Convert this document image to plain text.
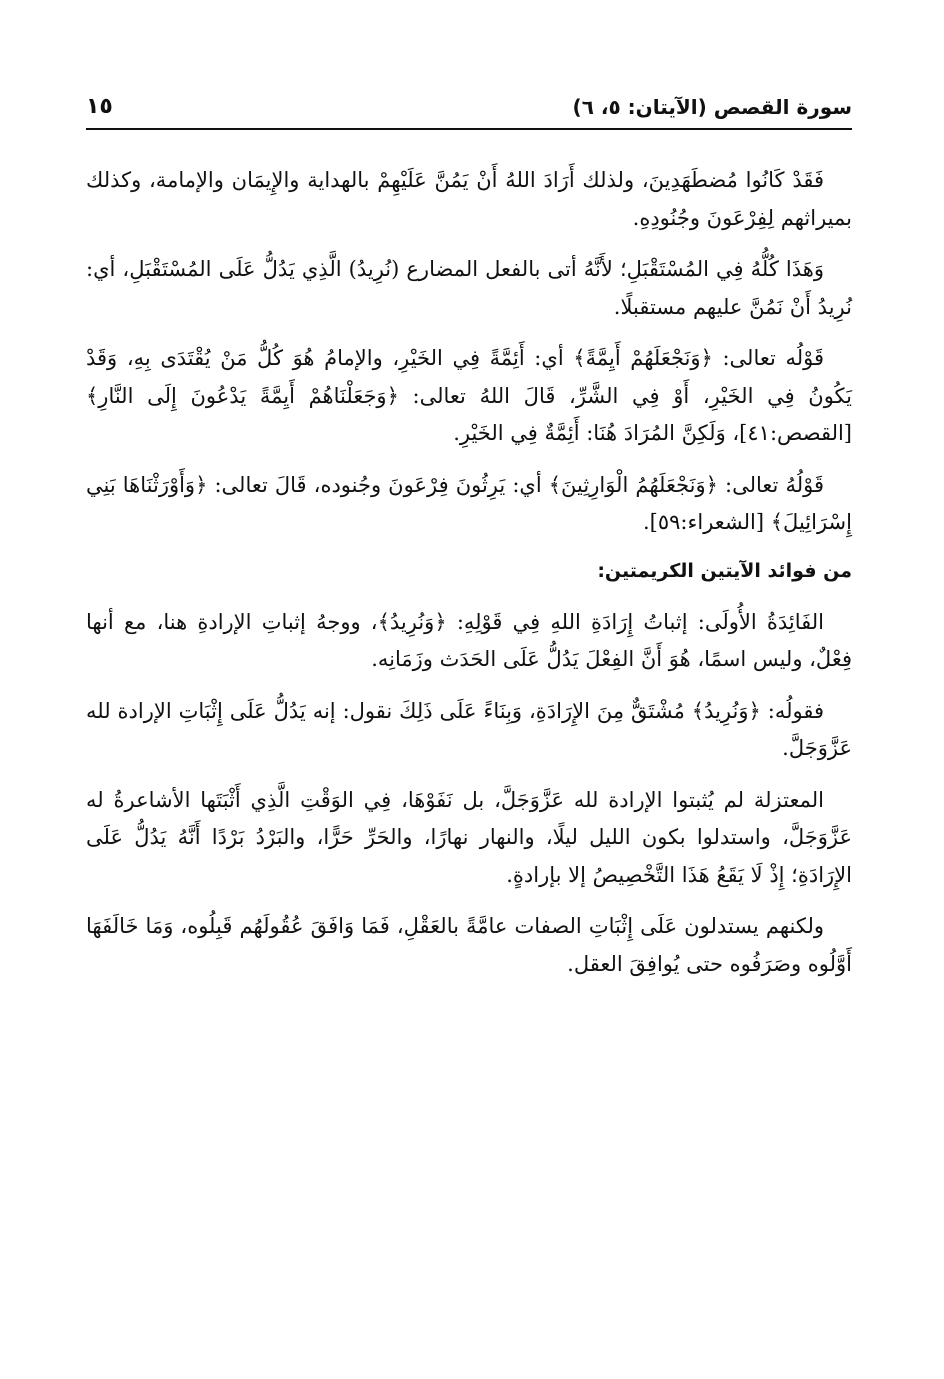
سورة القصص (الآيتان: ٥، ٦)
١٥

فَقَدْ كَانُوا مُضطَهَدِينَ، ولذلك أَرَادَ اللهُ أَنْ يَمُنَّ عَلَيْهِمْ بالهداية والإِيمَان والإمامة، وكذلك بميراثهم لِفِرْعَونَ وجُنُودِهِ.

وَهَذَا كُلُّهُ فِي المُسْتَقْبَلِ؛ لأَنَّهُ أتى بالفعل المضارع (نُرِيدُ) الَّذِي يَدُلُّ عَلَى المُسْتَقْبَلِ، أي: نُرِيدُ أَنْ نَمُنَّ عليهم مستقبلًا.

قَوْلُه تعالى: ﴿وَنَجْعَلَهُمْ أَيِمَّةً﴾ أي: أَئِمَّةً فِي الخَيْرِ، والإمامُ هُوَ كُلُّ مَنْ يُقْتَدَى بِهِ، وَقَدْ يَكُونُ فِي الخَيْرِ، أَوْ فِي الشَّرِّ، قَالَ اللهُ تعالى: ﴿وَجَعَلْنَاهُمْ أَيِمَّةً يَدْعُونَ إِلَى النَّارِ﴾ [القصص:٤١]، وَلَكِنَّ المُرَادَ هُنَا: أَئِمَّةٌ فِي الخَيْرِ.

قَوْلُهُ تعالى: ﴿وَنَجْعَلَهُمُ الْوَارِثِينَ﴾ أي: يَرِثُونَ فِرْعَونَ وجُنوده، قَالَ تعالى: ﴿وَأَوْرَثْنَاهَا بَنِي إِسْرَائِيلَ﴾ [الشعراء:٥٩].

من فوائد الآيتين الكريمتين:

الفَائِدَةُ الأُولَى: إثباتُ إِرَادَةِ اللهِ فِي قَوْلِهِ: ﴿وَنُرِيدُ﴾، ووجهُ إثباتِ الإرادةِ هنا، مع أنها فِعْلٌ، وليس اسمًا، هُوَ أَنَّ الفِعْلَ يَدُلُّ عَلَى الحَدَث وزَمَانِه.

فقولُه: ﴿وَنُرِيدُ﴾ مُشْتَقٌّ مِنَ الإِرَادَةِ، وَبِنَاءً عَلَى ذَلِكَ نقول: إنه يَدُلُّ عَلَى إِثْبَاتِ الإرادة لله عَزَّوَجَلَّ.

المعتزلة لم يُثبتوا الإرادة لله عَزَّوَجَلَّ، بل نَفَوْهَا، فِي الوَقْتِ الَّذِي أَثْبَتَها الأشاعرةُ له عَزَّوَجَلَّ، واستدلوا بكون الليل ليلًا، والنهار نهارًا، والحَرِّ حَرًّا، والبَرْدُ بَرْدًا أَنَّهُ يَدُلُّ عَلَى الإِرَادَةِ؛ إِذْ لَا يَقَعُ هَذَا التَّخْصِيصُ إلا بإرادةٍ.

ولكنهم يستدلون عَلَى إِثْبَاتِ الصفات عامَّةً بالعَقْلِ، فَمَا وَافَقَ عُقُولَهُم قَبِلُوه، وَمَا خَالَفَهَا أَوَّلُوه وصَرَفُوه حتى يُوافِقَ العقل.
